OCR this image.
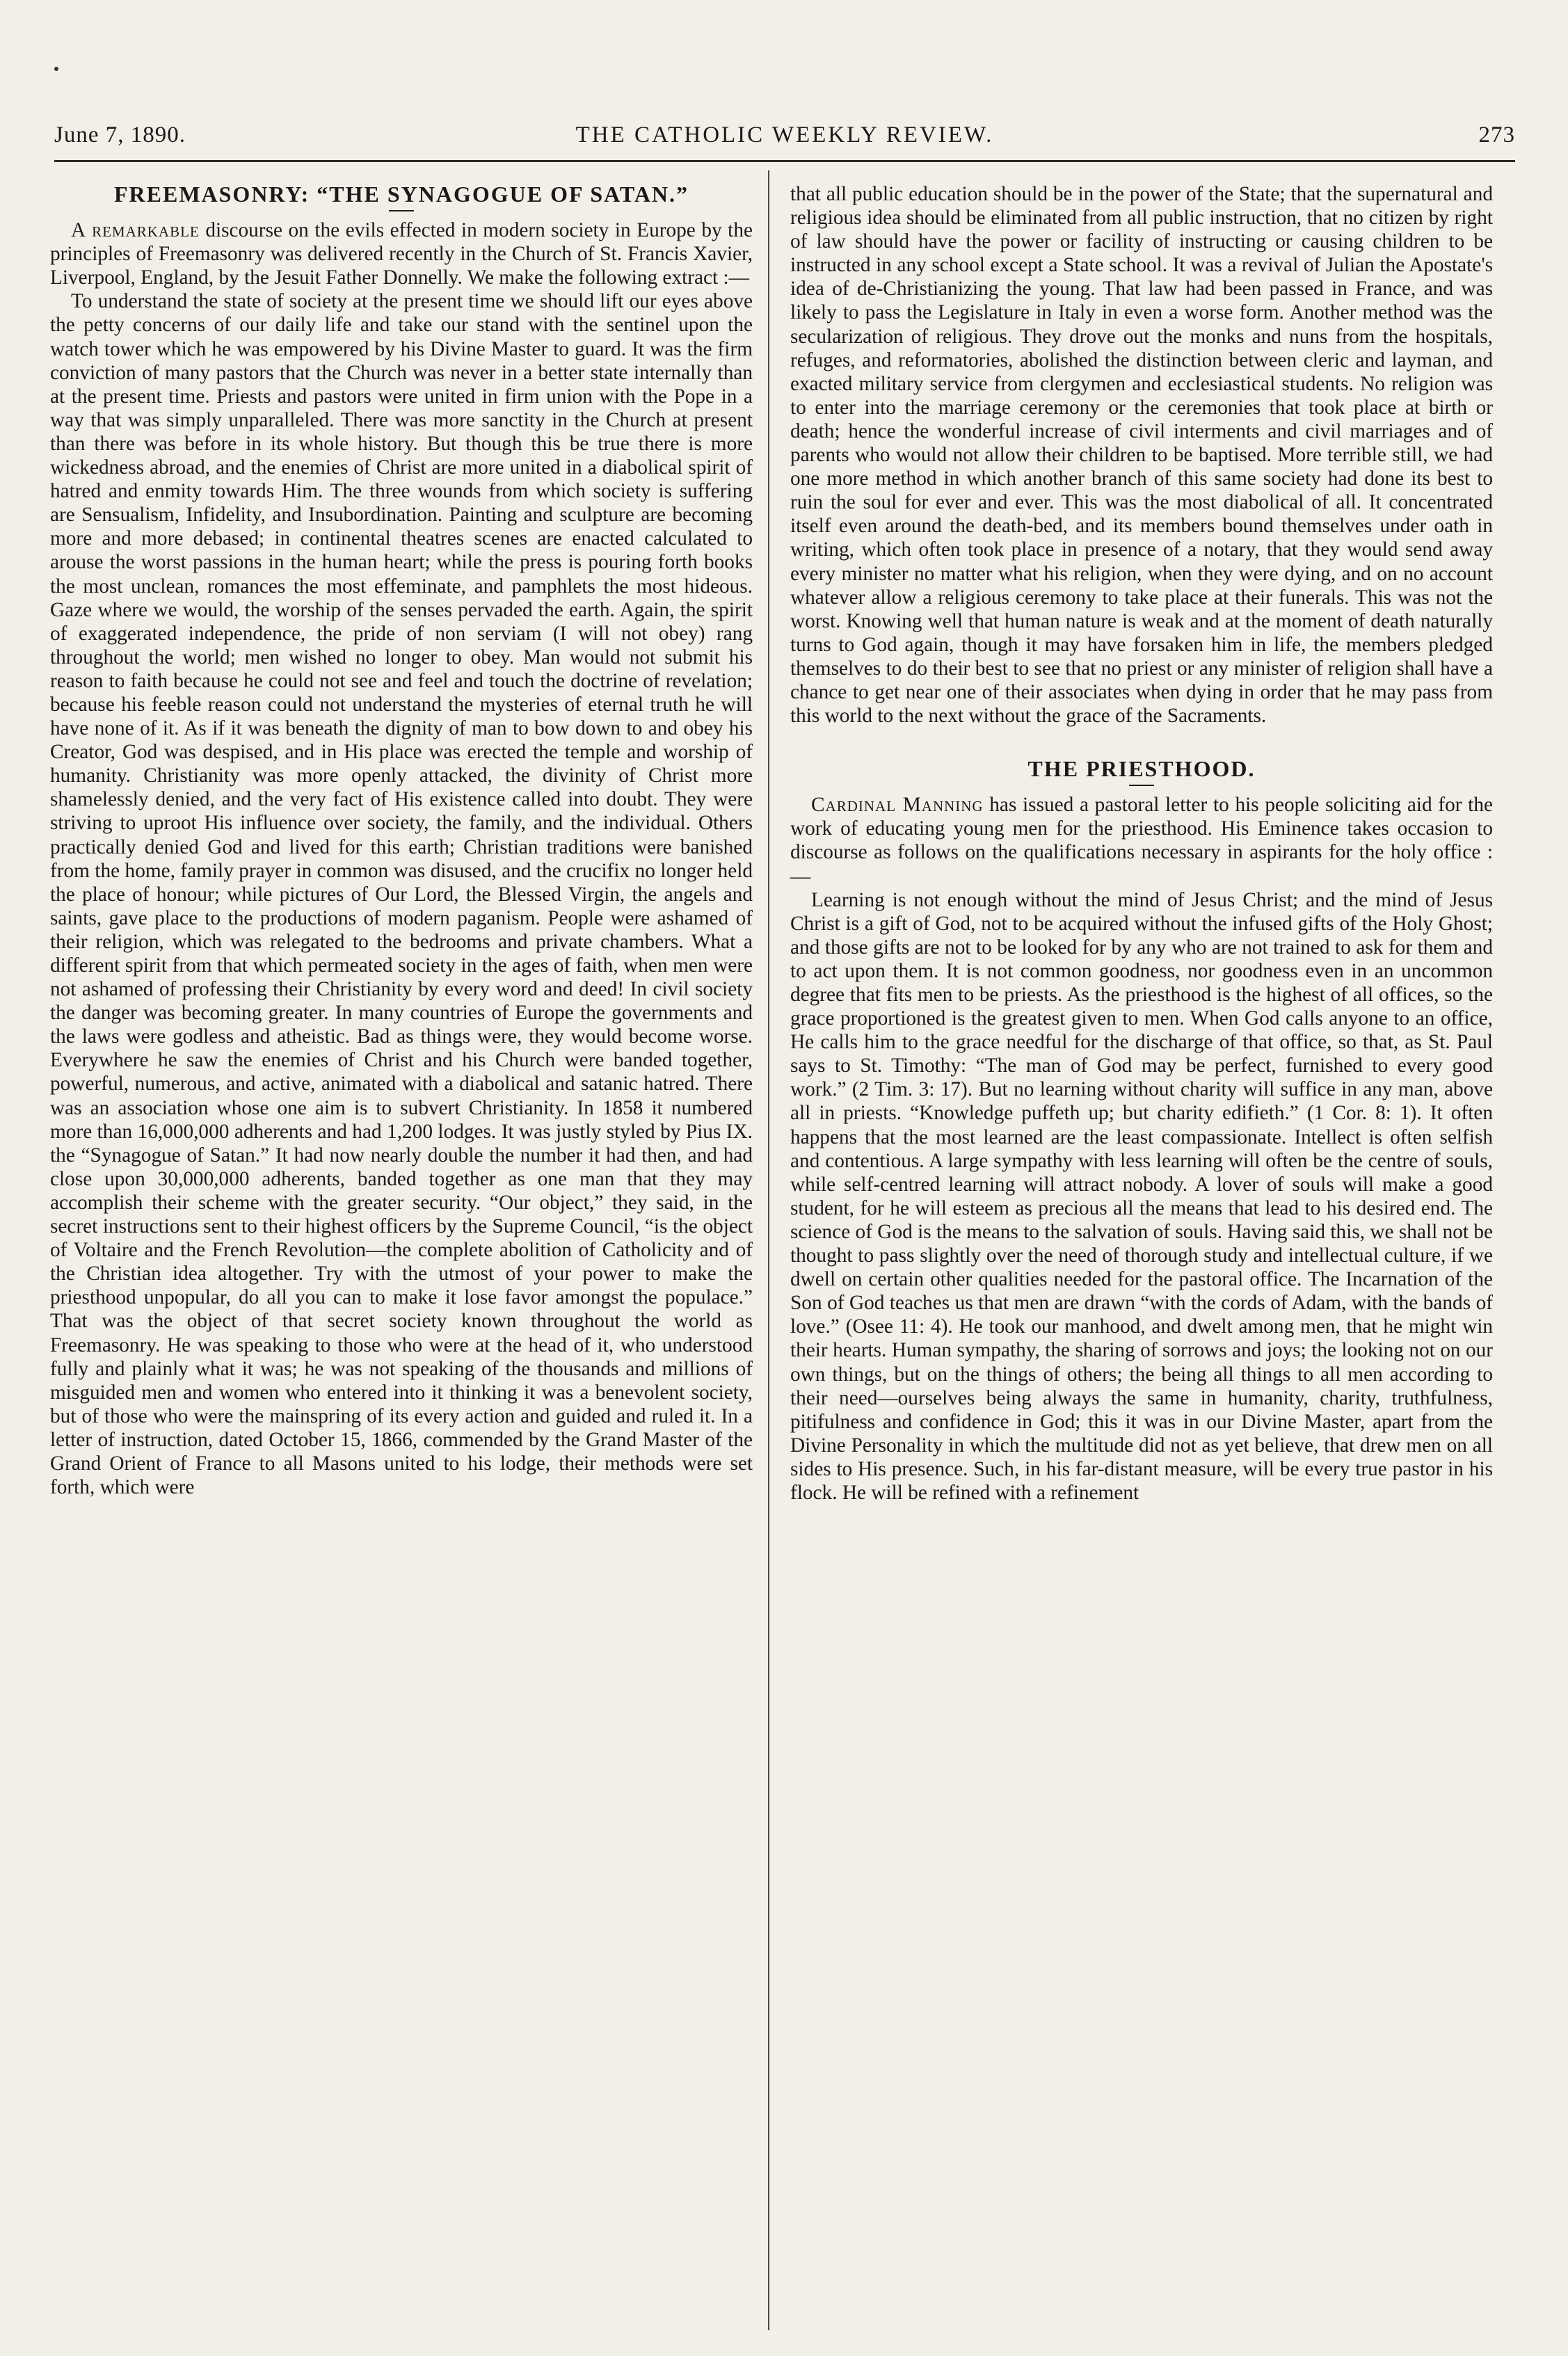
June 7, 1890.	THE CATHOLIC WEEKLY REVIEW.	273
FREEMASONRY: “THE SYNAGOGUE OF SATAN.”

A remarkable discourse on the evils effected in modern society in Europe by the principles of Freemasonry was delivered recently in the Church of St. Francis Xavier, Liverpool, England, by the Jesuit Father Donnelly. We make the following extract :—

To understand the state of society at the present time we should lift our eyes above the petty concerns of our daily life and take our stand with the sentinel upon the watch tower which he was empowered by his Divine Master to guard. It was the firm conviction of many pastors that the Church was never in a better state internally than at the present time. Priests and pastors were united in firm union with the Pope in a way that was simply unparalleled. There was more sanctity in the Church at present than there was before in its whole history. But though this be true there is more wickedness abroad, and the enemies of Christ are more united in a diabolical spirit of hatred and enmity towards Him. The three wounds from which society is suffering are Sensualism, Infidelity, and Insubordination. Painting and sculpture are becoming more and more debased; in continental theatres scenes are enacted calculated to arouse the worst passions in the human heart; while the press is pouring forth books the most unclean, romances the most effeminate, and pamphlets the most hideous. Gaze where we would, the worship of the senses pervaded the earth. Again, the spirit of exaggerated independence, the pride of non serviam (I will not obey) rang throughout the world; men wished no longer to obey. Man would not submit his reason to faith because he could not see and feel and touch the doctrine of revelation; because his feeble reason could not understand the mysteries of eternal truth he will have none of it. As if it was beneath the dignity of man to bow down to and obey his Creator, God was despised, and in His place was erected the temple and worship of humanity. Christianity was more openly attacked, the divinity of Christ more shamelessly denied, and the very fact of His existence called into doubt. They were striving to uproot His influence over society, the family, and the individual. Others practically denied God and lived for this earth; Christian traditions were banished from the home, family prayer in common was disused, and the crucifix no longer held the place of honour; while pictures of Our Lord, the Blessed Virgin, the angels and saints, gave place to the productions of modern paganism. People were ashamed of their religion, which was relegated to the bedrooms and private chambers. What a different spirit from that which permeated society in the ages of faith, when men were not ashamed of professing their Christianity by every word and deed! In civil society the danger was becoming greater. In many countries of Europe the governments and the laws were godless and atheistic. Bad as things were, they would become worse. Everywhere he saw the enemies of Christ and his Church were banded together, powerful, numerous, and active, animated with a diabolical and satanic hatred. There was an association whose one aim is to subvert Christianity. In 1858 it numbered more than 16,000,000 adherents and had 1,200 lodges. It was justly styled by Pius IX. the “Synagogue of Satan.” It had now nearly double the number it had then, and had close upon 30,000,000 adherents, banded together as one man that they may accomplish their scheme with the greater security. “Our object,” they said, in the secret instructions sent to their highest officers by the Supreme Council, “is the object of Voltaire and the French Revolution—the complete abolition of Catholicity and of the Christian idea altogether. Try with the utmost of your power to make the priesthood unpopular, do all you can to make it lose favor amongst the populace.” That was the object of that secret society known throughout the world as Freemasonry. He was speaking to those who were at the head of it, who understood fully and plainly what it was; he was not speaking of the thousands and millions of misguided men and women who entered into it thinking it was a benevolent society, but of those who were the mainspring of its every action and guided and ruled it. In a letter of instruction, dated October 15, 1866, commended by the Grand Master of the Grand Orient of France to all Masons united to his lodge, their methods were set forth, which were

that all public education should be in the power of the State; that the supernatural and religious idea should be eliminated from all public instruction, that no citizen by right of law should have the power or facility of instructing or causing children to be instructed in any school except a State school. It was a revival of Julian the Apostate's idea of de-Christianizing the young. That law had been passed in France, and was likely to pass the Legislature in Italy in even a worse form. Another method was the secularization of religious. They drove out the monks and nuns from the hospitals, refuges, and reformatories, abolished the distinction between cleric and layman, and exacted military service from clergymen and ecclesiastical students. No religion was to enter into the marriage ceremony or the ceremonies that took place at birth or death; hence the wonderful increase of civil interments and civil marriages and of parents who would not allow their children to be baptised. More terrible still, we had one more method in which another branch of this same society had done its best to ruin the soul for ever and ever. This was the most diabolical of all. It concentrated itself even around the death-bed, and its members bound themselves under oath in writing, which often took place in presence of a notary, that they would send away every minister no matter what his religion, when they were dying, and on no account whatever allow a religious ceremony to take place at their funerals. This was not the worst. Knowing well that human nature is weak and at the moment of death naturally turns to God again, though it may have forsaken him in life, the members pledged themselves to do their best to see that no priest or any minister of religion shall have a chance to get near one of their associates when dying in order that he may pass from this world to the next without the grace of the Sacraments.

THE PRIESTHOOD.

Cardinal Manning has issued a pastoral letter to his people soliciting aid for the work of educating young men for the priesthood. His Eminence takes occasion to discourse as follows on the qualifications necessary in aspirants for the holy office :—

Learning is not enough without the mind of Jesus Christ; and the mind of Jesus Christ is a gift of God, not to be acquired without the infused gifts of the Holy Ghost; and those gifts are not to be looked for by any who are not trained to ask for them and to act upon them. It is not common goodness, nor goodness even in an uncommon degree that fits men to be priests. As the priesthood is the highest of all offices, so the grace proportioned is the greatest given to men. When God calls anyone to an office, He calls him to the grace needful for the discharge of that office, so that, as St. Paul says to St. Timothy: “The man of God may be perfect, furnished to every good work.” (2 Tim. 3: 17). But no learning without charity will suffice in any man, above all in priests. “Knowledge puffeth up; but charity edifieth.” (1 Cor. 8: 1). It often happens that the most learned are the least compassionate. Intellect is often selfish and contentious. A large sympathy with less learning will often be the centre of souls, while self-centred learning will attract nobody. A lover of souls will make a good student, for he will esteem as precious all the means that lead to his desired end. The science of God is the means to the salvation of souls. Having said this, we shall not be thought to pass slightly over the need of thorough study and intellectual culture, if we dwell on certain other qualities needed for the pastoral office. The Incarnation of the Son of God teaches us that men are drawn “with the cords of Adam, with the bands of love.” (Osee 11: 4). He took our manhood, and dwelt among men, that he might win their hearts. Human sympathy, the sharing of sorrows and joys; the looking not on our own things, but on the things of others; the being all things to all men according to their need—ourselves being always the same in humanity, charity, truthfulness, pitifulness and confidence in God; this it was in our Divine Master, apart from the Divine Personality in which the multitude did not as yet believe, that drew men on all sides to His presence. Such, in his far-distant measure, will be every true pastor in his flock. He will be refined with a refinement
